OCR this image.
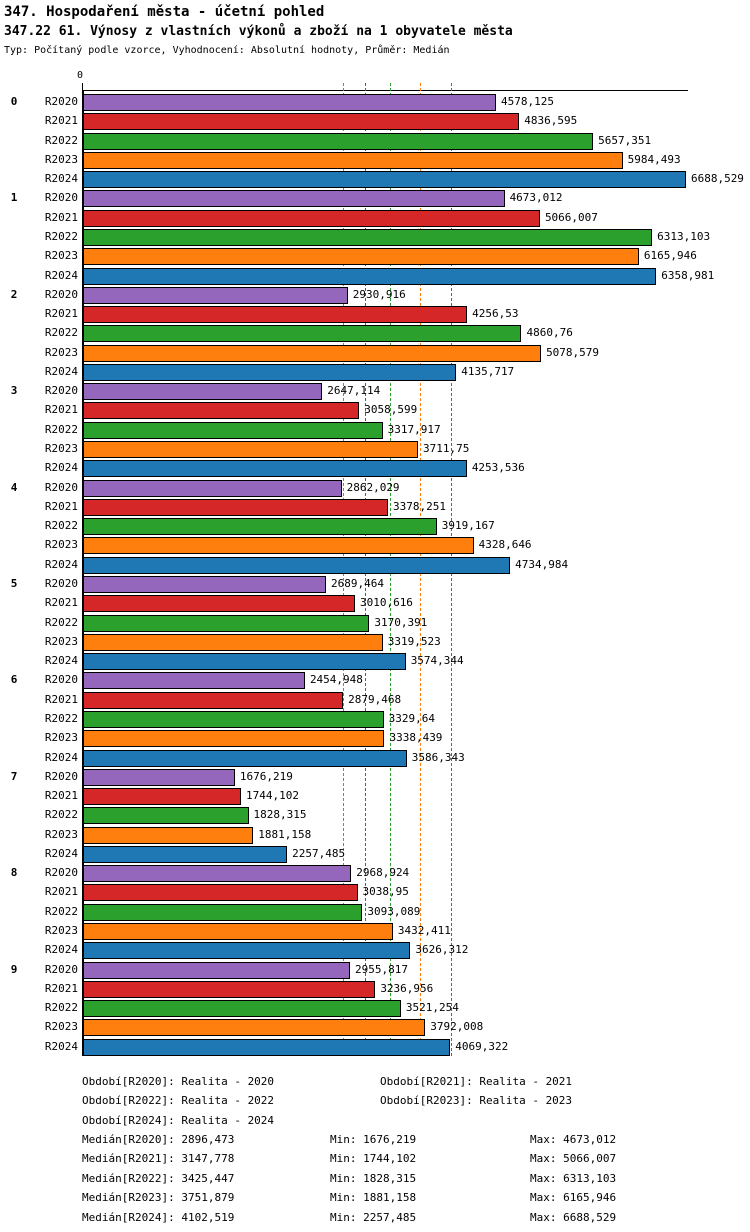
347. Hospodaření města - účetní pohled
347.22 61. Výnosy z vlastních výkonů a zboží na 1 obyvatele města
Typ: Počítaný podle vzorce, Vyhodnocení: Absolutní hodnoty, Průměr: Medián
0
0	R2020	4578,125
R2021	4836,595
R2022	5657,351
R2023	5984,493
R2024	6688,529
1	R2020	4673,012
R2021	5066,007
R2022	6313,103
R2023	6165,946
R2024	6358,981
2	R2020	2930,916
R2021	4256,53
R2022	4860,76
R2023	5078,579
R2024	4135,717
3	R2020	2647,114
R2021	3058,599
R2022	3317,917
R2023	3711,75
R2024	4253,536
4	R2020	2862,029
R2021	3378,251
R2022	3919,167
R2023	4328,646
R2024	4734,984
5	R2020	2689,464
R2021	3010,616
R2022	3170,391
R2023	3319,523
R2024	3574,344
6	R2020	2454,948
R2021	2879,468
R2022	3329,64
R2023	3338,439
R2024	3586,343
7	R2020	1676,219
R2021	1744,102
R2022	1828,315
R2023	1881,158
R2024	2257,485
8	R2020	2968,924
R2021	3038,95
R2022	3093,089
R2023	3432,411
R2024	3626,312
9	R2020	2955,817
R2021	3236,956
R2022	3521,254
R2023	3792,008
R2024	4069,322
Období[R2020]: Realita - 2020	Období[R2021]: Realita - 2021
Období[R2022]: Realita - 2022	Období[R2023]: Realita - 2023
Období[R2024]: Realita - 2024
Medián[R2020]: 2896,473	Min: 1676,219	Max: 4673,012
Medián[R2021]: 3147,778	Min: 1744,102	Max: 5066,007
Medián[R2022]: 3425,447	Min: 1828,315	Max: 6313,103
Medián[R2023]: 3751,879	Min: 1881,158	Max: 6165,946
Medián[R2024]: 4102,519	Min: 2257,485	Max: 6688,529
